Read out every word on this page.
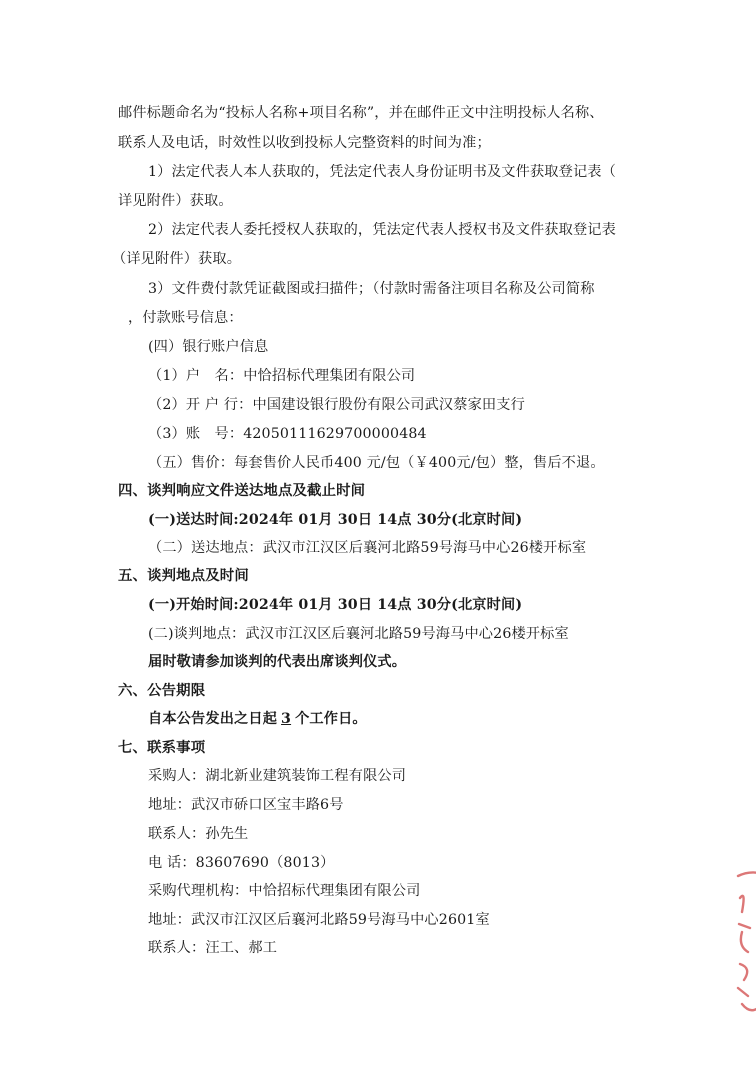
邮件标题命名为“投标人名称+项目名称”，并在邮件正文中注明投标人名称、
联系人及电话，时效性以收到投标人完整资料的时间为准；
1）法定代表人本人获取的，凭法定代表人身份证明书及文件获取登记表（
详见附件）获取。
2）法定代表人委托授权人获取的，凭法定代表人授权书及文件获取登记表
（详见附件）获取。
3）文件费付款凭证截图或扫描件；（付款时需备注项目名称及公司简称
，付款账号信息：
(四）银行账户信息
（1）户　名：中恰招标代理集团有限公司
（2）开 户 行：中国建设银行股份有限公司武汉蔡家田支行
（3）账　号：42050111629700000484
（五）售价：每套售价人民币400 元/包（￥400元/包）整，售后不退。
四、谈判响应文件送达地点及截止时间
(一)送达时间:2024年 01月 30日 14点 30分(北京时间)
（二）送达地点：武汉市江汉区后襄河北路59号海马中心26楼开标室
五、谈判地点及时间
(一)开始时间:2024年 01月 30日 14点 30分(北京时间)
(二)谈判地点：武汉市江汉区后襄河北路59号海马中心26楼开标室
届时敬请参加谈判的代表出席谈判仪式。
六、公告期限
自本公告发出之日起 3 个工作日。
七、联系事项
采购人：湖北新业建筑装饰工程有限公司
地址：武汉市硚口区宝丰路6号
联系人：孙先生
电 话：83607690（8013）
采购代理机构：中恰招标代理集团有限公司
地址：武汉市江汉区后襄河北路59号海马中心2601室
联系人：汪工、郝工
